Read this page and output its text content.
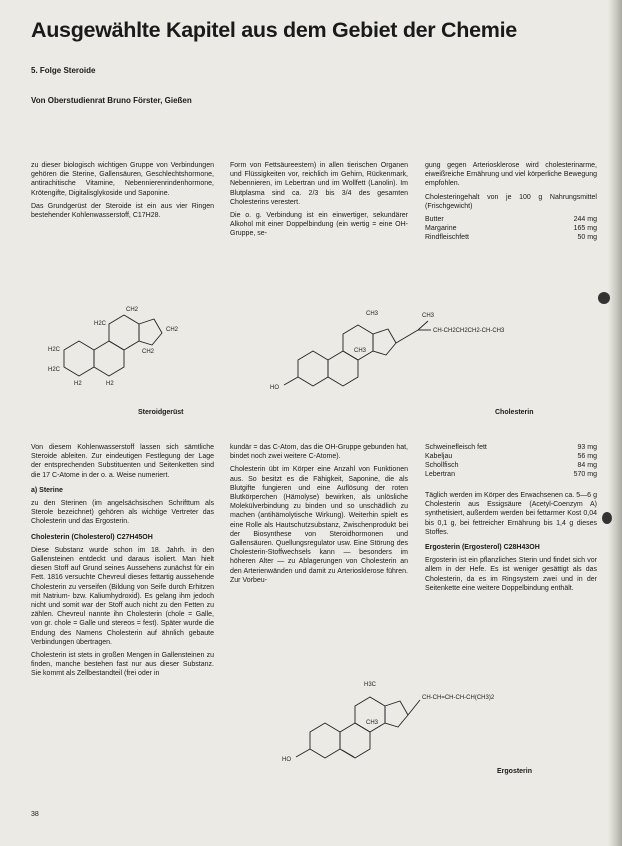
Ausgewählte Kapitel aus dem Gebiet der Chemie
5. Folge Steroide
Von Oberstudienrat Bruno Förster, Gießen

zu dieser biologisch wichtigen Gruppe von Verbindungen gehören die Sterine, Gallensäuren, Geschlechtshormone, antirachitische Vitamine, Nebennierenrindenhormone, Krötengifte, Digitalisglykoside und Saponine.

Das Grundgerüst der Steroide ist ein aus vier Ringen bestehender Kohlenwasserstoff, C17H28.

Form von Fettsäureestern) in allen tierischen Organen und Flüssigkeiten vor, reichlich im Gehirn, Rückenmark, Nebennieren, im Lebertran und im Wollfett (Lanolin). Im Blutplasma sind ca. 2/3 bis 3/4 des gesamten Cholesterins verestert.

Die o. g. Verbindung ist ein einwertiger, sekundärer Alkohol mit einer Doppelbindung (ein wertig = eine OH-Gruppe, se-

gung gegen Arteriosklerose wird cholesterinarme, eiweißreiche Ernährung und viel körperliche Bewegung empfohlen.

Cholesteringehalt von je 100 g Nahrungsmittel (Frischgewicht)

Butter	244 mg
Margarine	165 mg
Rindfleischfett	50 mg
CH2
CH2
H2C
H2C
H2	H2
H2C
CH2
Steroidgerüst
CH3
CH3
CH3
CH-CH2CH2CH2-CH-CH3
HO
Cholesterin

Von diesem Kohlenwasserstoff lassen sich sämtliche Steroide ableiten. Zur eindeutigen Festlegung der Lage der entsprechenden Substituenten und Seitenketten sind die 17 C-Atome in der o. a. Weise numeriert.

a) Sterine

zu den Sterinen (im angelsächsischen Schrifttum als Sterole bezeichnet) gehören als wichtige Vertreter das Cholesterin und das Ergosterin.

Cholesterin (Cholesterol) C27H45OH

Diese Substanz wurde schon im 18. Jahrh. in den Gallensteinen entdeckt und daraus isoliert. Man hielt diesen Stoff auf Grund seines Aussehens zunächst für ein Fett. 1816 versuchte Chevreul dieses fettartig aussehende Cholesterin zu verseifen (Bildung von Seife durch Erhitzen mit Natrium- bzw. Kaliumhydroxid). Es gelang ihm jedoch nicht und somit war der Stoff auch nicht zu den Fetten zu zählen. Chevreul nannte ihn Cholesterin (chole = Galle, von gr. chole = Galle und stereos = fest). Später wurde die Endung des Namens Cholesterin auf ähnlich gebaute Verbindungen übertragen.

Cholesterin ist stets in großen Mengen in Gallensteinen zu finden, manche bestehen fast nur aus dieser Substanz. Sie kommt als Zellbestandteil (frei oder in

kundär = das C-Atom, das die OH-Gruppe gebunden hat, bindet noch zwei weitere C-Atome).

Cholesterin übt im Körper eine Anzahl von Funktionen aus. So besitzt es die Fähigkeit, Saponine, die als Blutgifte fungieren und eine Auflösung der roten Blutkörperchen (Hämolyse) bewirken, als unlösliche Molekülverbindung zu binden und so unschädlich zu machen (antihämolytische Wirkung). Weiterhin spielt es eine Rolle als Hautschutzsubstanz, Zwischenprodukt bei der Biosynthese von Steroidhormonen und Gallensäuren. Quellungsregulator usw. Eine Störung des Cholesterin-Stoffwechsels kann — besonders im höheren Alter — zu Ablagerungen von Cholesterin an den Arterienwänden und damit zu Arteriosklerose führen. Zur Vorbeu-

Schweinefleisch fett	93 mg
Kabeljau	56 mg
Schollfisch	84 mg
Lebertran	570 mg

Täglich werden im Körper des Erwachsenen ca. 5—6 g Cholesterin aus Essigsäure (Acetyl-Coenzym A) synthetisiert, außerdem werden bei fettarmer Kost 0,04 bis 0,1 g, bei fettreicher Ernährung bis 1,4 g dieses Stoffes.

Ergosterin (Ergosterol) C28H43OH

Ergosterin ist ein pflanzliches Sterin und findet sich vor allem in der Hefe. Es ist weniger gesättigt als das Cholesterin, da es im Ringsystem zwei und in der Seitenkette eine weitere Doppelbindung enthält.

H3C
CH3
CH-CH=CH-CH-CH(CH3)2
HO
Ergosterin
38
